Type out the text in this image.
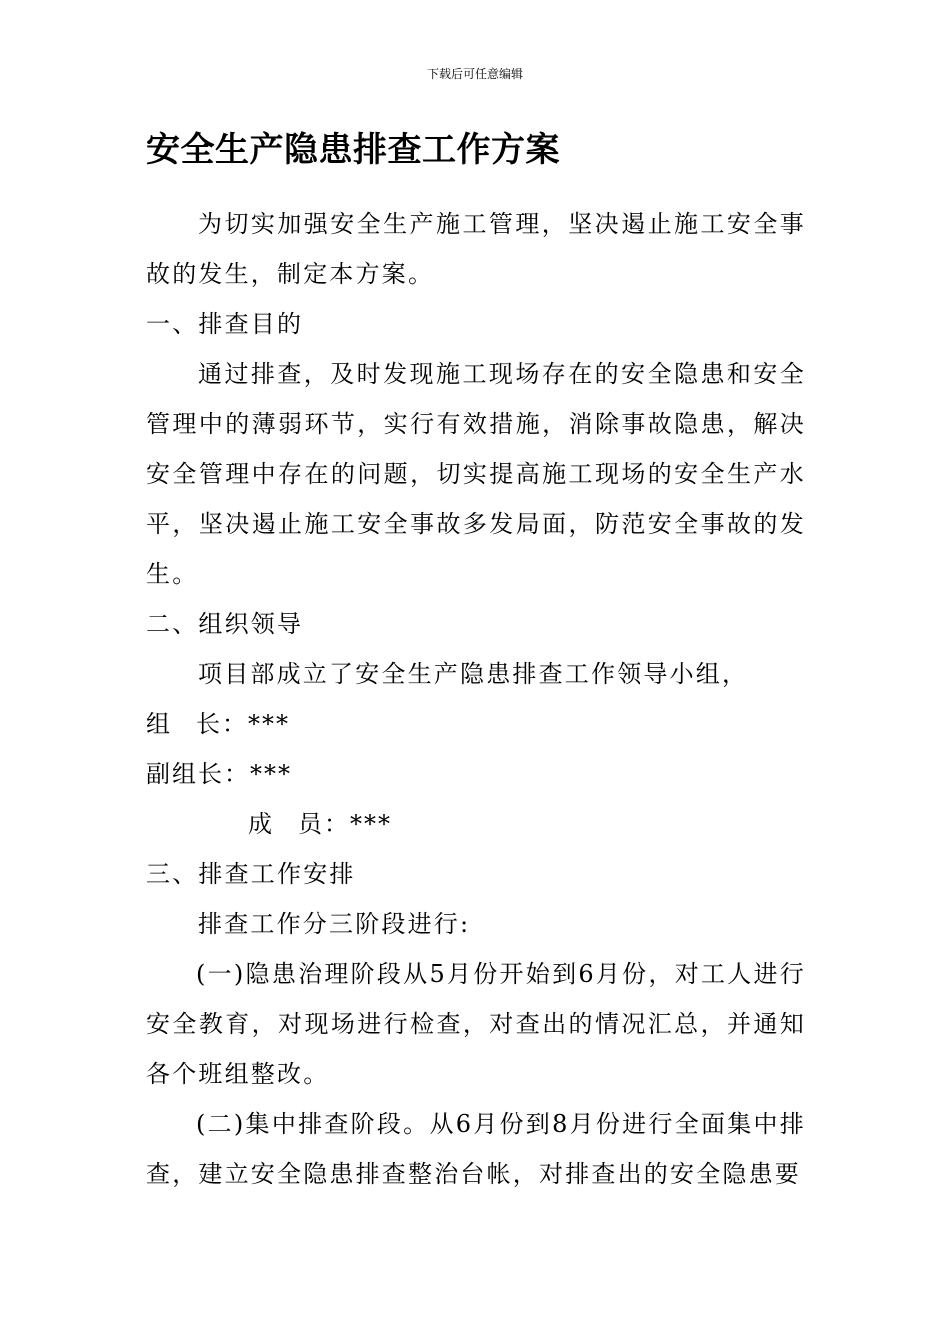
下载后可任意编辑
安全生产隐患排查工作方案

为切实加强安全生产施工管理，坚决遏止施工安全事故的发生，制定本方案。

一、排查目的

通过排查，及时发现施工现场存在的安全隐患和安全管理中的薄弱环节，实行有效措施，消除事故隐患，解决安全管理中存在的问题，切实提高施工现场的安全生产水平，坚决遏止施工安全事故多发局面，防范安全事故的发生。

二、组织领导

项目部成立了安全生产隐患排查工作领导小组，

组 长：***

副组长：***

成 员：***

三、排查工作安排

排查工作分三阶段进行:

(一)隐患治理阶段从5月份开始到6月份，对工人进行安全教育，对现场进行检查，对查出的情况汇总，并通知各个班组整改。

(二)集中排查阶段。从6月份到8月份进行全面集中排查，建立安全隐患排查整治台帐，对排查出的安全隐患要
